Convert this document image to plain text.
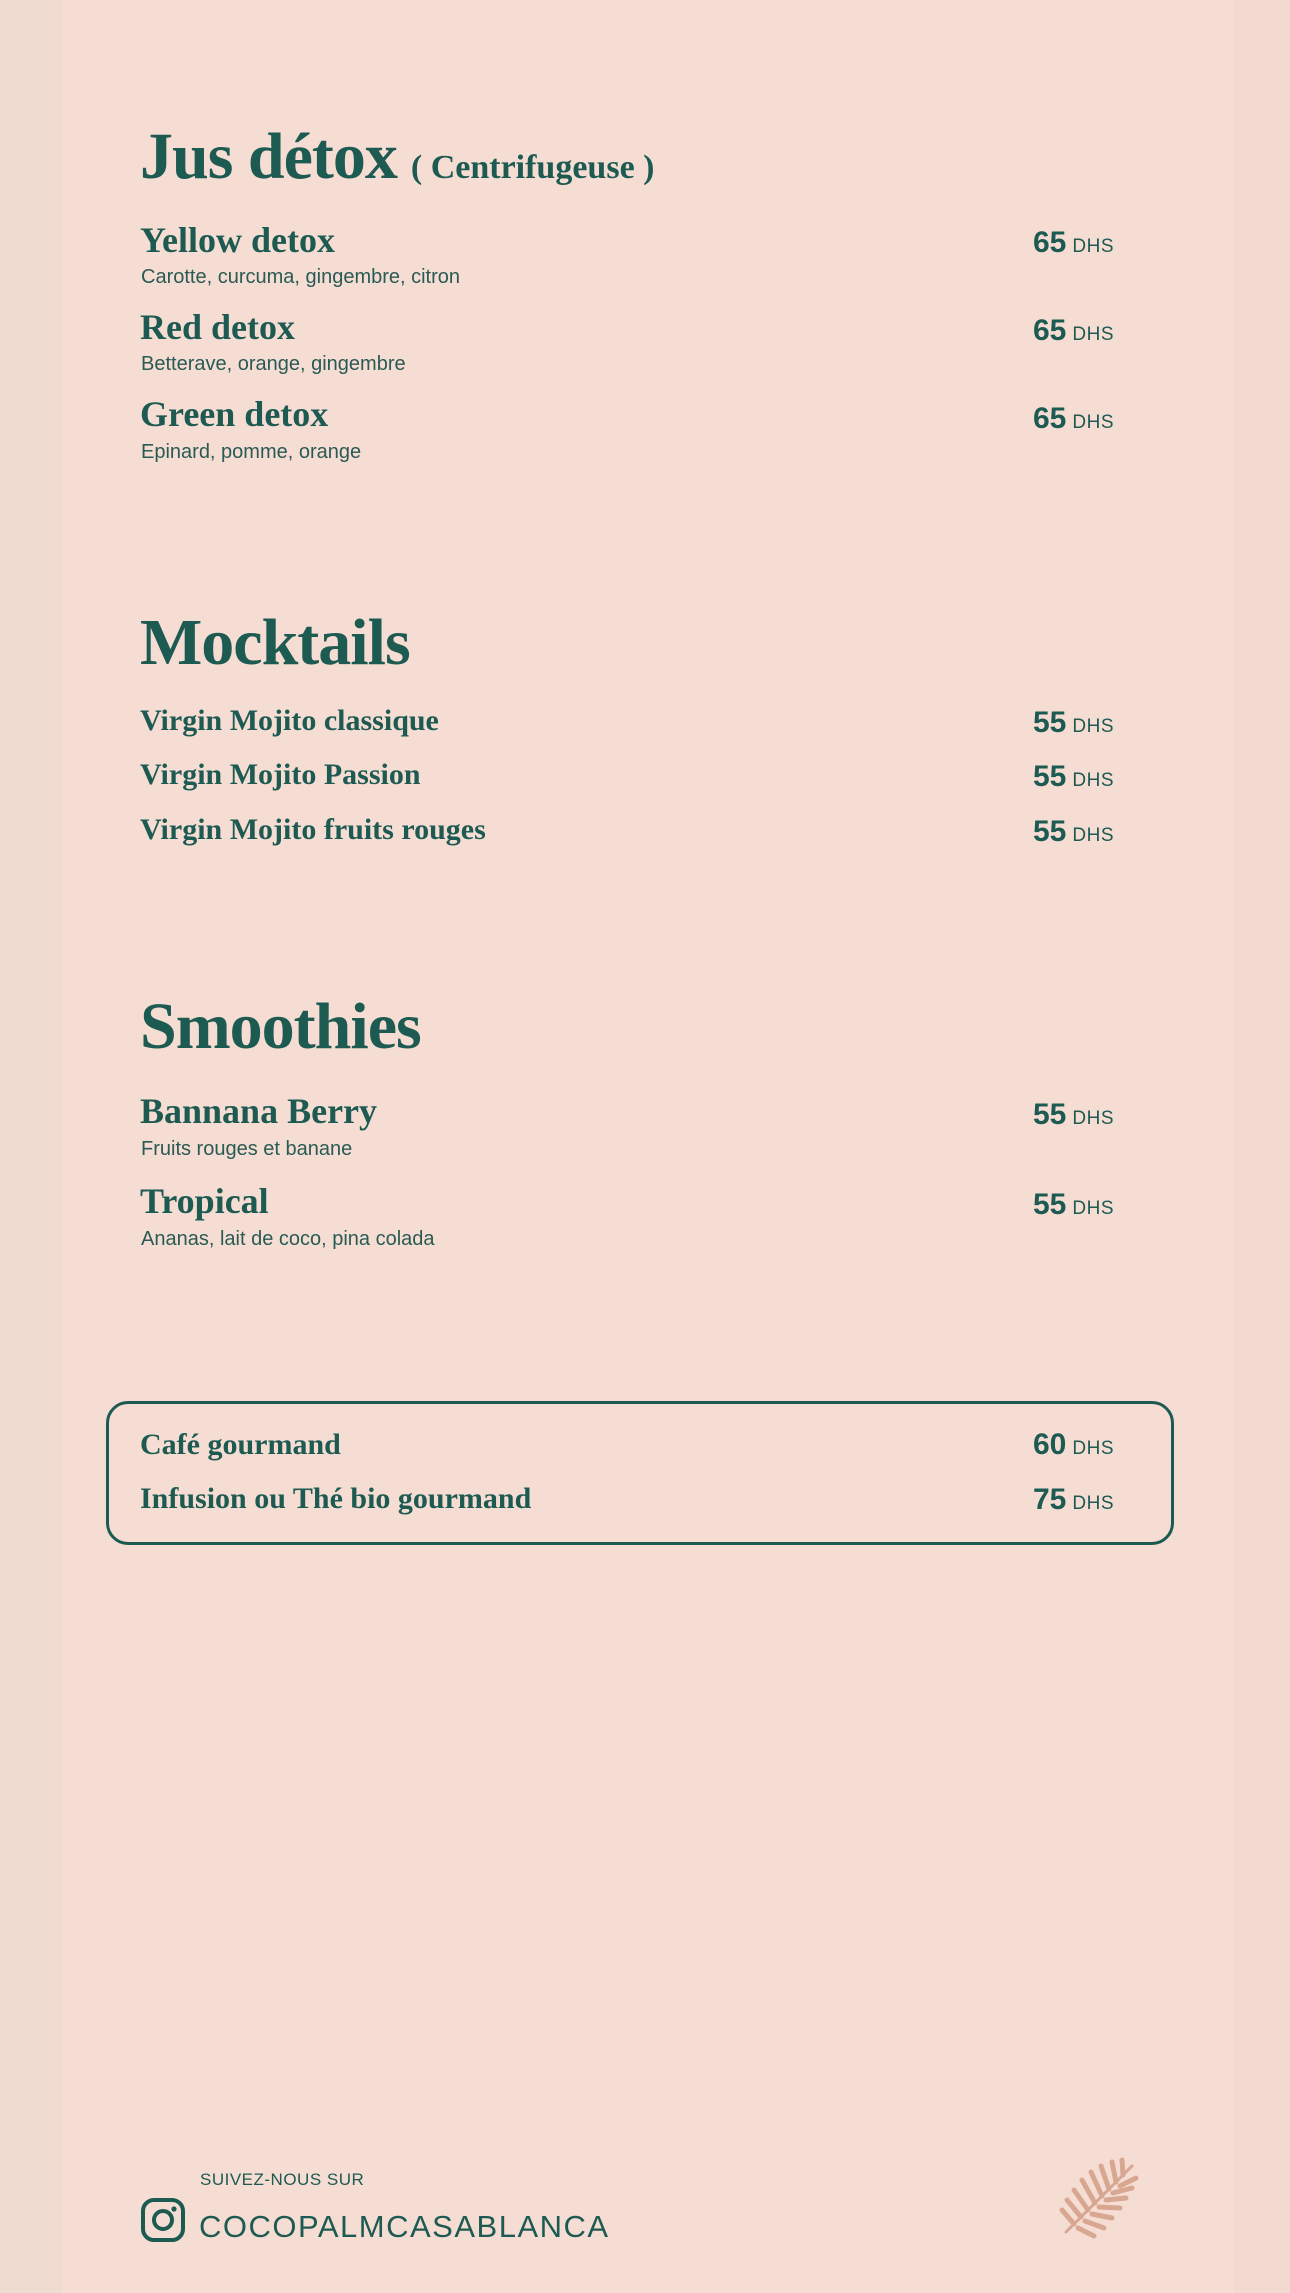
Jus détox ( Centrifugeuse )
Yellow detox
Carotte, curcuma, gingembre, citron
65 DHS
Red detox
Betterave, orange, gingembre
65 DHS
Green detox
Epinard, pomme, orange
65 DHS
Mocktails
Virgin Mojito classique	55 DHS
Virgin Mojito Passion	55 DHS
Virgin Mojito fruits rouges	55 DHS
Smoothies
Bannana Berry
Fruits rouges et banane
55 DHS
Tropical
Ananas, lait de coco, pina colada
55 DHS
Café gourmand	60 DHS
Infusion ou Thé bio gourmand	75 DHS
SUIVEZ-NOUS SUR
COCOPALMCASABLANCA
